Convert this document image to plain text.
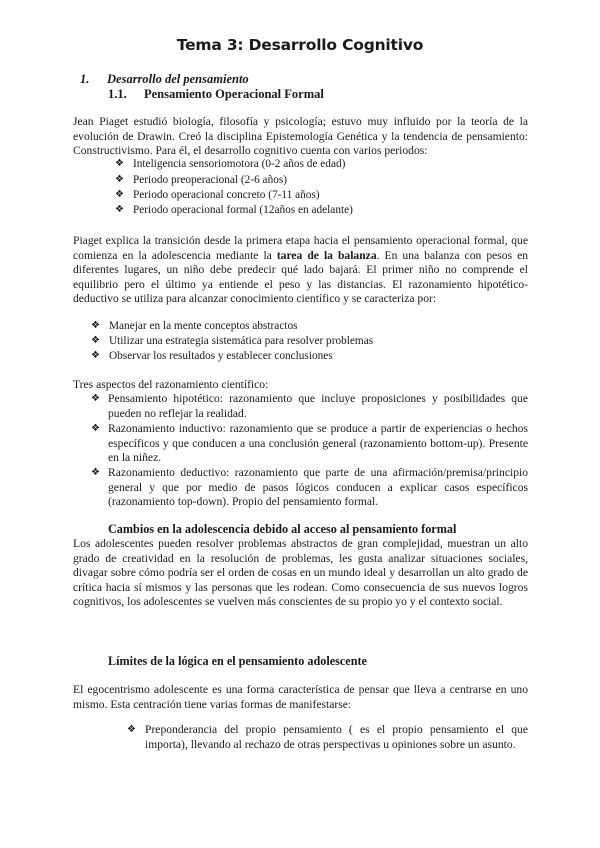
Tema 3: Desarrollo Cognitivo
1. Desarrollo del pensamiento
1.1. Pensamiento Operacional Formal
Jean Piaget estudió biología, filosofía y psicología; estuvo muy influido por la teoría de la evolución de Drawin. Creó la disciplina Epistemología Genética y la tendencia de pensamiento: Constructivismo. Para él, el desarrollo cognitivo cuenta con varios periodos:
❖ Inteligencia sensoriomotora (0-2 años de edad)
❖ Periodo preoperacional (2-6 años)
❖ Periodo operacional concreto (7-11 años)
❖ Periodo operacional formal (12años en adelante)
Piaget explica la transición desde la primera etapa hacia el pensamiento operacional formal, que comienza en la adolescencia mediante la tarea de la balanza. En una balanza con pesos en diferentes lugares, un niño debe predecir qué lado bajará. El primer niño no comprende el equilibrio pero el último ya entiende el peso y las distancias. El razonamiento hipotético- deductivo se utiliza para alcanzar conocimiento científico y se caracteriza por:
❖ Manejar en la mente conceptos abstractos
❖ Utilizar una estrategia sistemática para resolver problemas
❖ Observar los resultados y establecer conclusiones
Tres aspectos del razonamiento científico:
❖ Pensamiento hipotético: razonamiento que incluye proposiciones y posibilidades que pueden no reflejar la realidad.
❖ Razonamiento inductivo: razonamiento que se produce a partir de experiencias o hechos específicos y que conducen a una conclusión general (razonamiento bottom-up). Presente en la niñez.
❖ Razonamiento deductivo: razonamiento que parte de una afirmación/premisa/principio general y que por medio de pasos lógicos conducen a explicar casos específicos (razonamiento top-down). Propio del pensamiento formal.
Cambios en la adolescencia debido al acceso al pensamiento formal
Los adolescentes pueden resolver problemas abstractos de gran complejidad, muestran un alto grado de creatividad en la resolución de problemas, les gusta analizar situaciones sociales, divagar sobre cómo podría ser el orden de cosas en un mundo ideal y desarrollan un alto grado de crítica hacia sí mismos y las personas que les rodean. Como consecuencia de sus nuevos logros cognitivos, los adolescentes se vuelven más conscientes de su propio yo y el contexto social.
Límites de la lógica en el pensamiento adolescente
El egocentrismo adolescente es una forma característica de pensar que lleva a centrarse en uno mismo. Esta centración tiene varias formas de manifestarse:
❖ Preponderancia del propio pensamiento ( es el propio pensamiento el que importa), llevando al rechazo de otras perspectivas u opiniones sobre un asunto.
